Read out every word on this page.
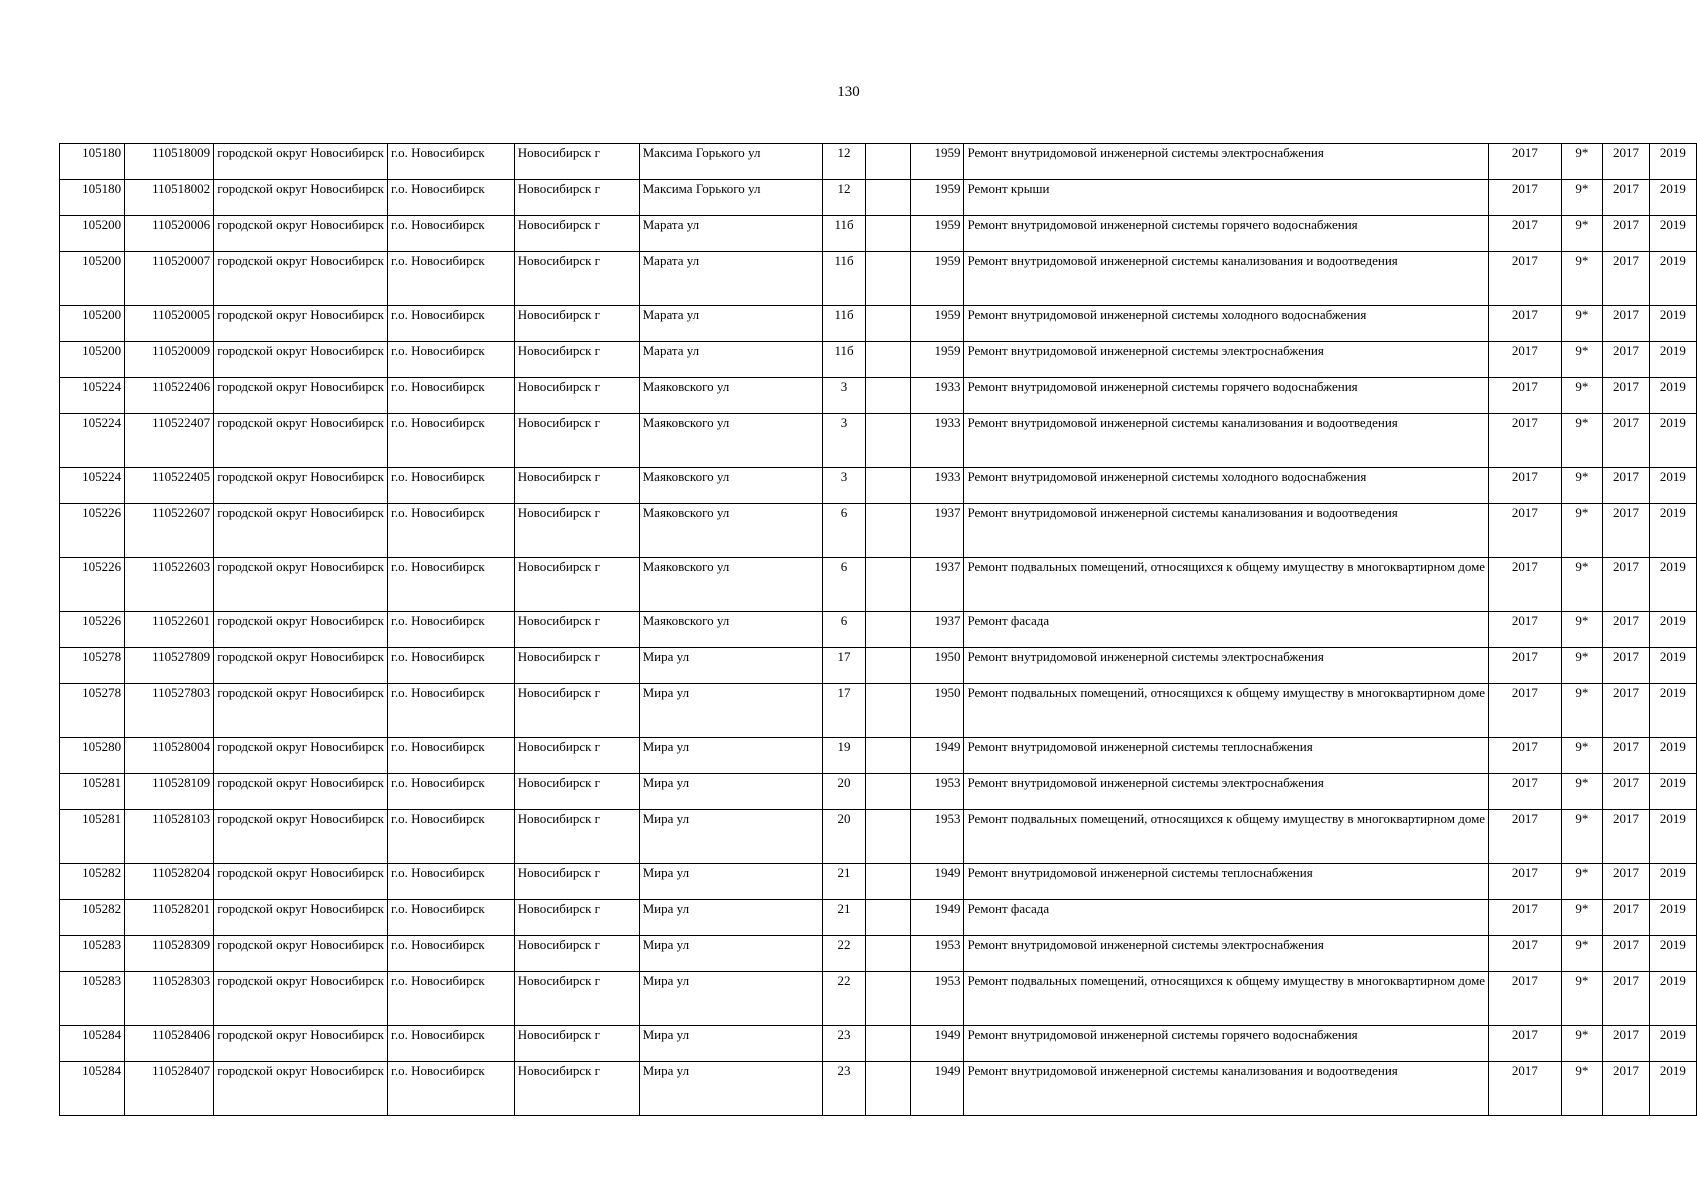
130
105180	110518009	городской округ Новосибирск	г.о. Новосибирск	Новосибирск г	Максима Горького ул	12		1959	Ремонт внутридомовой инженерной системы электроснабжения	2017	9*	2017	2019
105180	110518002	городской округ Новосибирск	г.о. Новосибирск	Новосибирск г	Максима Горького ул	12		1959	Ремонт крыши	2017	9*	2017	2019
105200	110520006	городской округ Новосибирск	г.о. Новосибирск	Новосибирск г	Марата ул	11б		1959	Ремонт внутридомовой инженерной системы горячего водоснабжения	2017	9*	2017	2019
105200	110520007	городской округ Новосибирск	г.о. Новосибирск	Новосибирск г	Марата ул	11б		1959	Ремонт внутридомовой инженерной системы канализования и водоотведения	2017	9*	2017	2019
105200	110520005	городской округ Новосибирск	г.о. Новосибирск	Новосибирск г	Марата ул	11б		1959	Ремонт внутридомовой инженерной системы холодного водоснабжения	2017	9*	2017	2019
105200	110520009	городской округ Новосибирск	г.о. Новосибирск	Новосибирск г	Марата ул	11б		1959	Ремонт внутридомовой инженерной системы электроснабжения	2017	9*	2017	2019
105224	110522406	городской округ Новосибирск	г.о. Новосибирск	Новосибирск г	Маяковского ул	3		1933	Ремонт внутридомовой инженерной системы горячего водоснабжения	2017	9*	2017	2019
105224	110522407	городской округ Новосибирск	г.о. Новосибирск	Новосибирск г	Маяковского ул	3		1933	Ремонт внутридомовой инженерной системы канализования и водоотведения	2017	9*	2017	2019
105224	110522405	городской округ Новосибирск	г.о. Новосибирск	Новосибирск г	Маяковского ул	3		1933	Ремонт внутридомовой инженерной системы холодного водоснабжения	2017	9*	2017	2019
105226	110522607	городской округ Новосибирск	г.о. Новосибирск	Новосибирск г	Маяковского ул	6		1937	Ремонт внутридомовой инженерной системы канализования и водоотведения	2017	9*	2017	2019
105226	110522603	городской округ Новосибирск	г.о. Новосибирск	Новосибирск г	Маяковского ул	6		1937	Ремонт подвальных помещений, относящихся к общему имуществу в многоквартирном доме	2017	9*	2017	2019
105226	110522601	городской округ Новосибирск	г.о. Новосибирск	Новосибирск г	Маяковского ул	6		1937	Ремонт фасада	2017	9*	2017	2019
105278	110527809	городской округ Новосибирск	г.о. Новосибирск	Новосибирск г	Мира ул	17		1950	Ремонт внутридомовой инженерной системы электроснабжения	2017	9*	2017	2019
105278	110527803	городской округ Новосибирск	г.о. Новосибирск	Новосибирск г	Мира ул	17		1950	Ремонт подвальных помещений, относящихся к общему имуществу в многоквартирном доме	2017	9*	2017	2019
105280	110528004	городской округ Новосибирск	г.о. Новосибирск	Новосибирск г	Мира ул	19		1949	Ремонт внутридомовой инженерной системы теплоснабжения	2017	9*	2017	2019
105281	110528109	городской округ Новосибирск	г.о. Новосибирск	Новосибирск г	Мира ул	20		1953	Ремонт внутридомовой инженерной системы электроснабжения	2017	9*	2017	2019
105281	110528103	городской округ Новосибирск	г.о. Новосибирск	Новосибирск г	Мира ул	20		1953	Ремонт подвальных помещений, относящихся к общему имуществу в многоквартирном доме	2017	9*	2017	2019
105282	110528204	городской округ Новосибирск	г.о. Новосибирск	Новосибирск г	Мира ул	21		1949	Ремонт внутридомовой инженерной системы теплоснабжения	2017	9*	2017	2019
105282	110528201	городской округ Новосибирск	г.о. Новосибирск	Новосибирск г	Мира ул	21		1949	Ремонт фасада	2017	9*	2017	2019
105283	110528309	городской округ Новосибирск	г.о. Новосибирск	Новосибирск г	Мира ул	22		1953	Ремонт внутридомовой инженерной системы электроснабжения	2017	9*	2017	2019
105283	110528303	городской округ Новосибирск	г.о. Новосибирск	Новосибирск г	Мира ул	22		1953	Ремонт подвальных помещений, относящихся к общему имуществу в многоквартирном доме	2017	9*	2017	2019
105284	110528406	городской округ Новосибирск	г.о. Новосибирск	Новосибирск г	Мира ул	23		1949	Ремонт внутридомовой инженерной системы горячего водоснабжения	2017	9*	2017	2019
105284	110528407	городской округ Новосибирск	г.о. Новосибирск	Новосибирск г	Мира ул	23		1949	Ремонт внутридомовой инженерной системы канализования и водоотведения	2017	9*	2017	2019
